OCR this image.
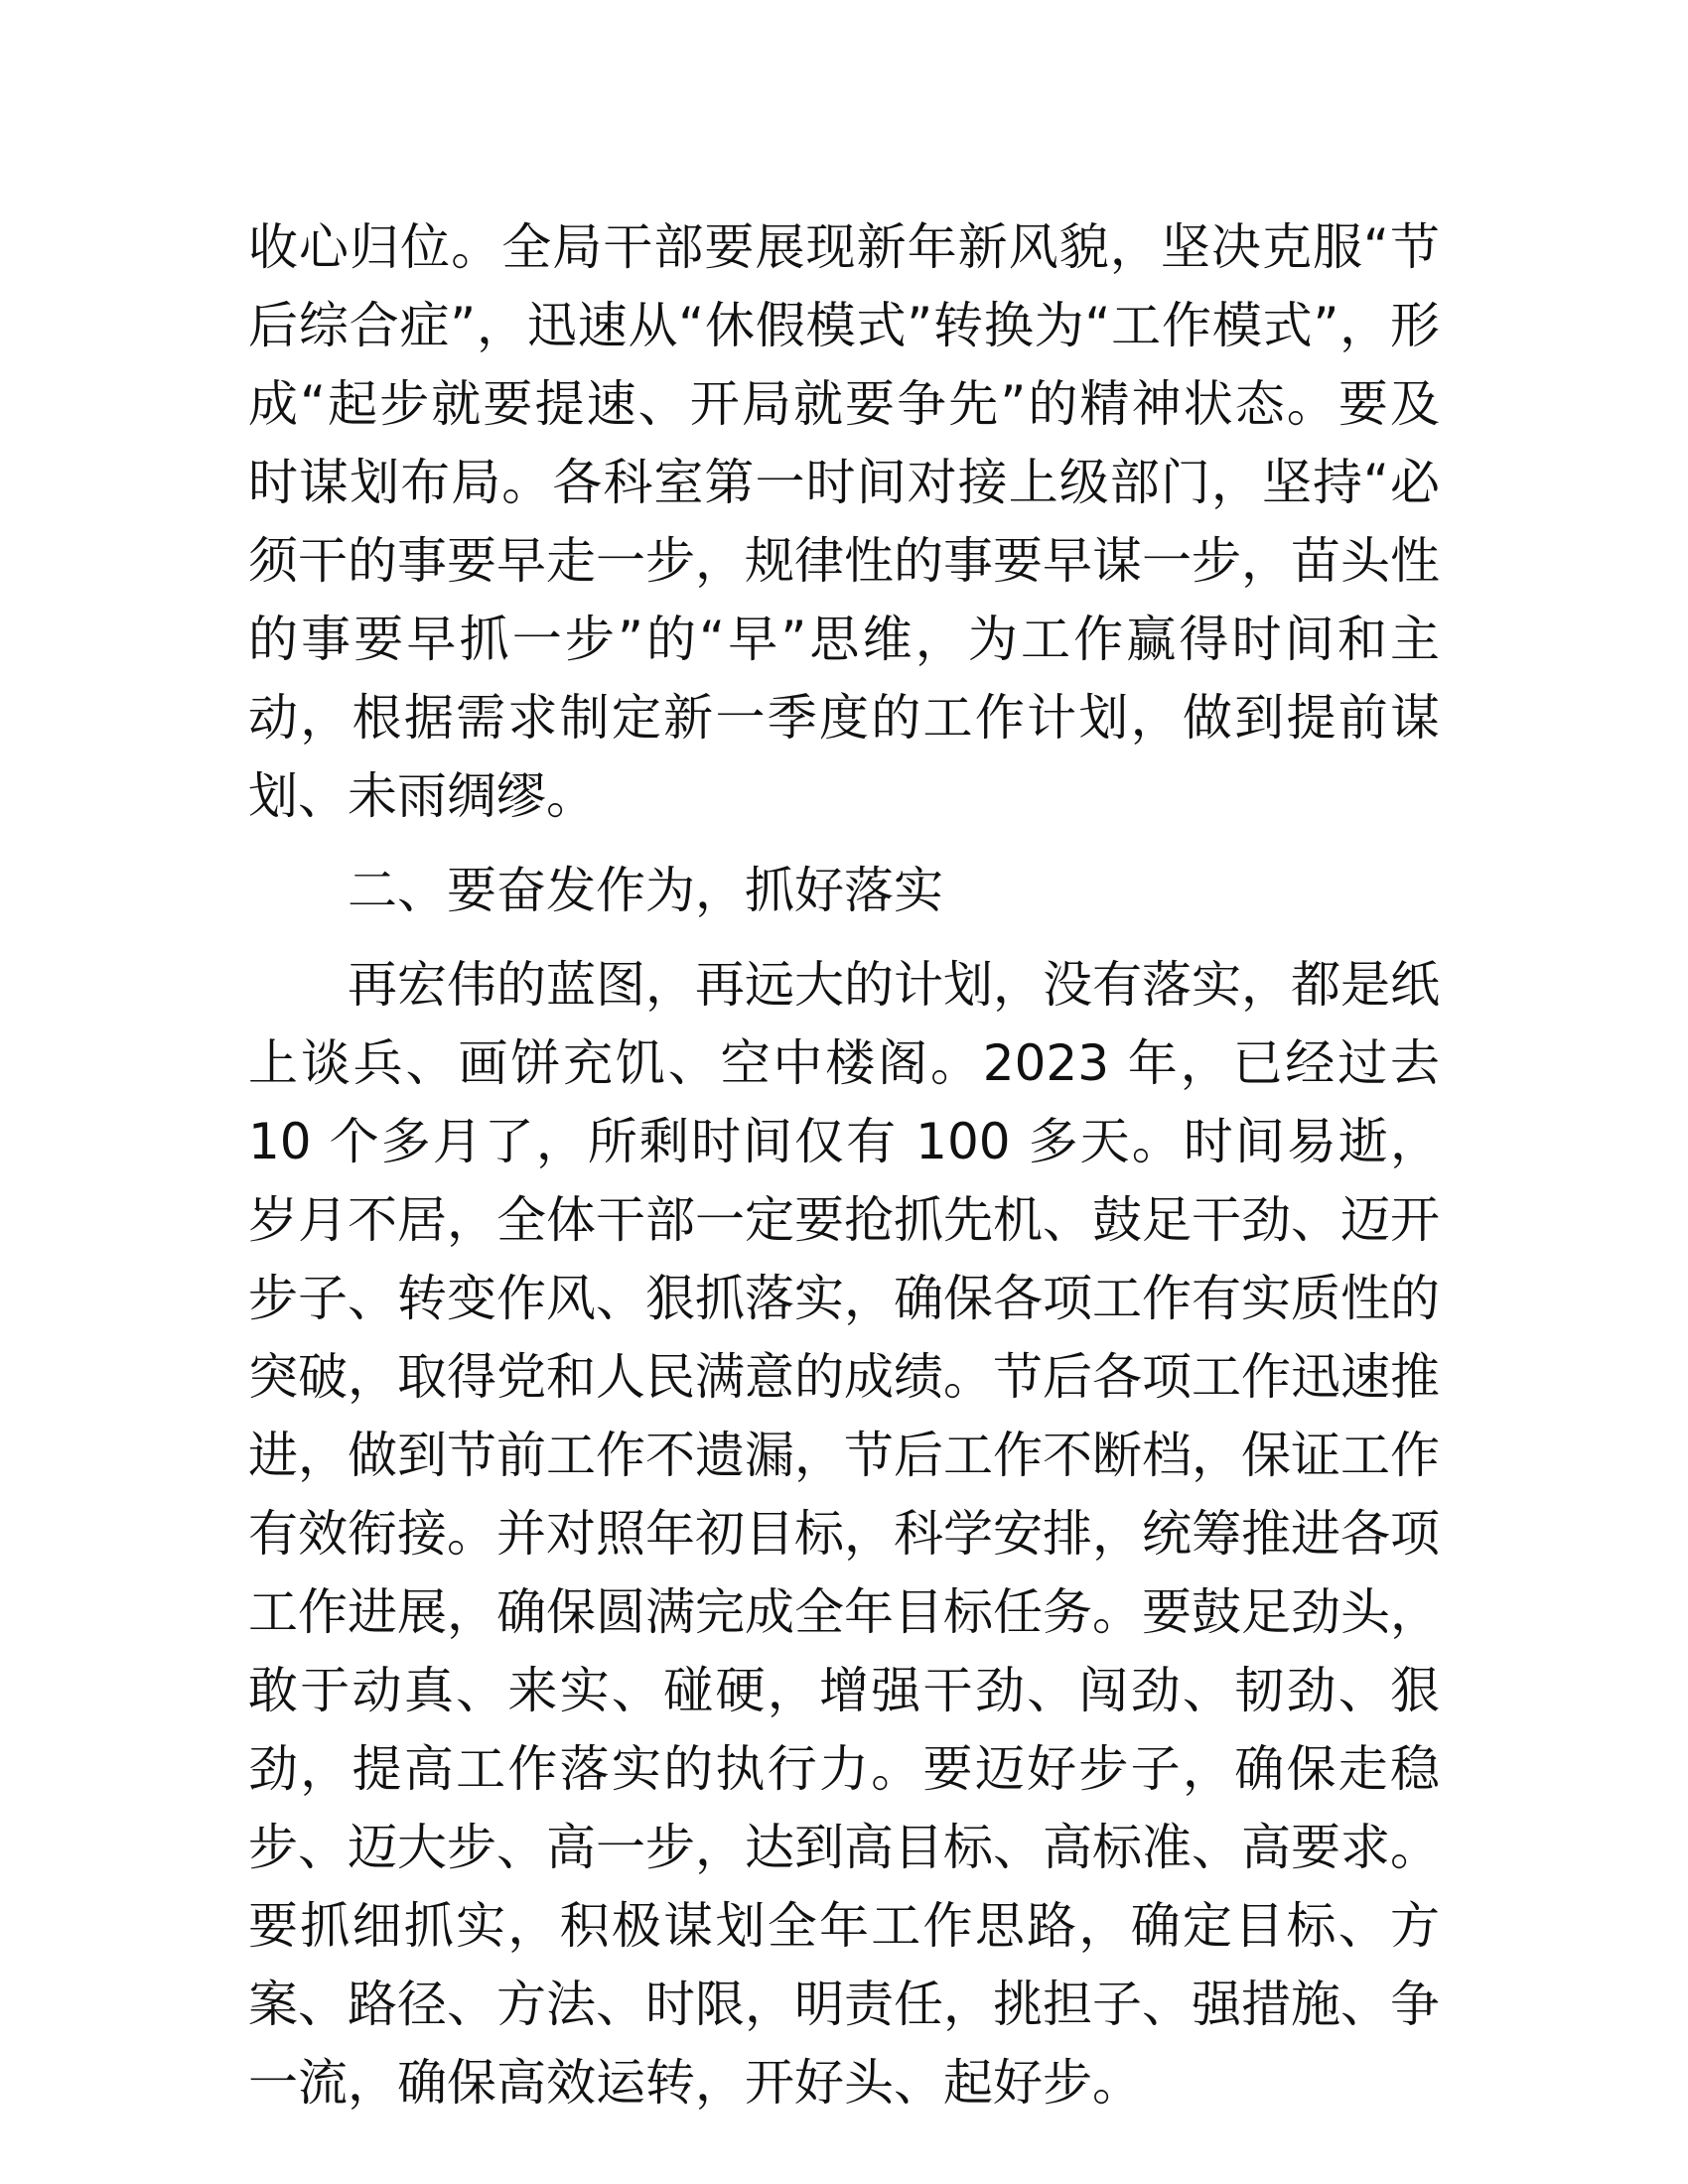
收心归位。全局干部要展现新年新风貌，坚决克服“节后综合症”，迅速从“休假模式”转换为“工作模式”，形成“起步就要提速、开局就要争先”的精神状态。要及时谋划布局。各科室第一时间对接上级部门，坚持“必须干的事要早走一步，规律性的事要早谋一步，苗头性的事要早抓一步”的“早”思维，为工作赢得时间和主动，根据需求制定新一季度的工作计划，做到提前谋划、未雨绸缪。

二、要奋发作为，抓好落实

再宏伟的蓝图，再远大的计划，没有落实，都是纸上谈兵、画饼充饥、空中楼阁。2023 年，已经过去 10 个多月了，所剩时间仅有 100 多天。时间易逝，岁月不居，全体干部一定要抢抓先机、鼓足干劲、迈开步子、转变作风、狠抓落实，确保各项工作有实质性的突破，取得党和人民满意的成绩。节后各项工作迅速推进，做到节前工作不遗漏，节后工作不断档，保证工作有效衔接。并对照年初目标，科学安排，统筹推进各项工作进展，确保圆满完成全年目标任务。要鼓足劲头，敢于动真、来实、碰硬，增强干劲、闯劲、韧劲、狠劲，提高工作落实的执行力。要迈好步子，确保走稳步、迈大步、高一步，达到高目标、高标准、高要求。要抓细抓实，积极谋划全年工作思路，确定目标、方案、路径、方法、时限，明责任，挑担子、强措施、争一流，确保高效运转，开好头、起好步。
